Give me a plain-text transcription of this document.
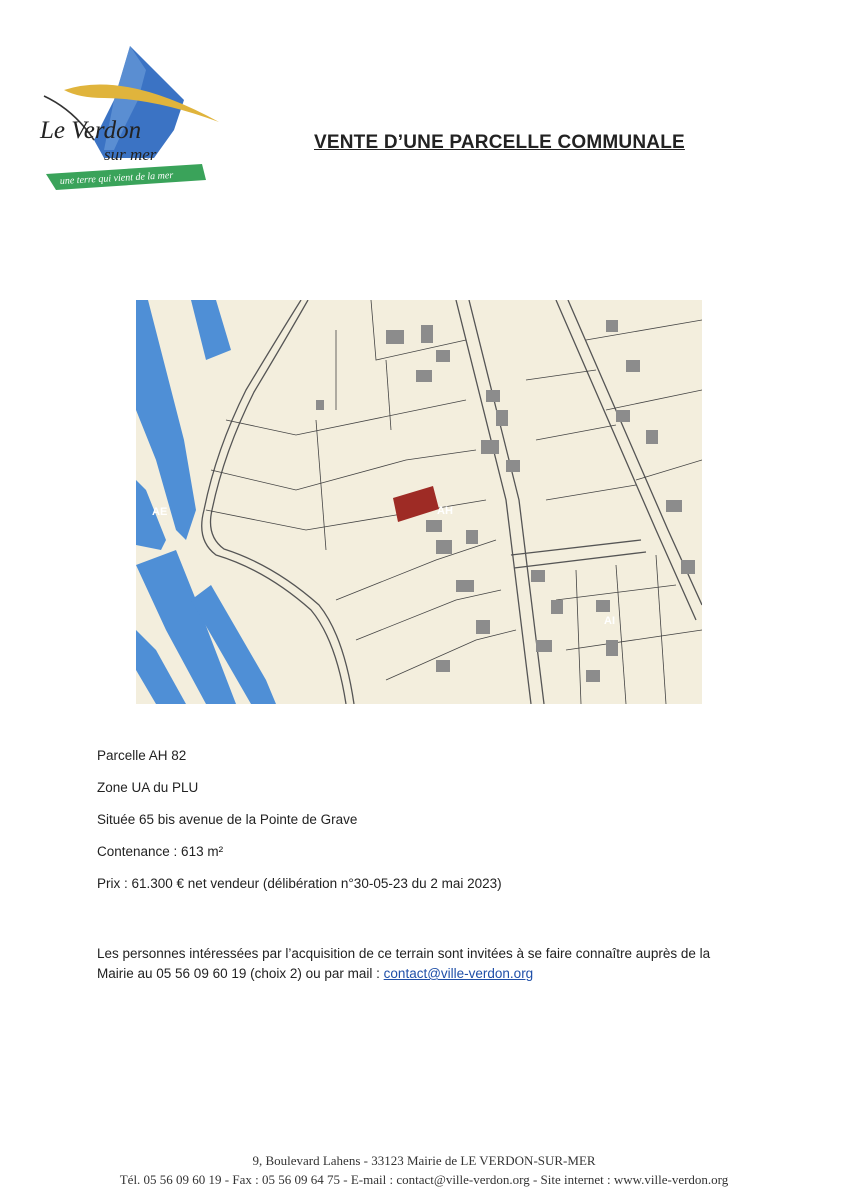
Le Verdon
sur mer
une terre qui vient de la mer
VENTE D’UNE PARCELLE COMMUNALE
AE	AH
AI

Parcelle AH 82

Zone UA du PLU

Située 65 bis avenue de la Pointe de Grave

Contenance : 613 m²

Prix : 61.300 € net vendeur (délibération n°30-05-23 du 2 mai 2023)

Les personnes intéressées par l’acquisition de ce terrain sont invitées à se faire connaître auprès de la
Mairie au 05 56 09 60 19 (choix 2) ou par mail : contact@ville-verdon.org
9, Boulevard Lahens - 33123 Mairie de LE VERDON-SUR-MER
Tél. 05 56 09 60 19 - Fax : 05 56 09 64 75 - E-mail : contact@ville-verdon.org - Site internet : www.ville-verdon.org
